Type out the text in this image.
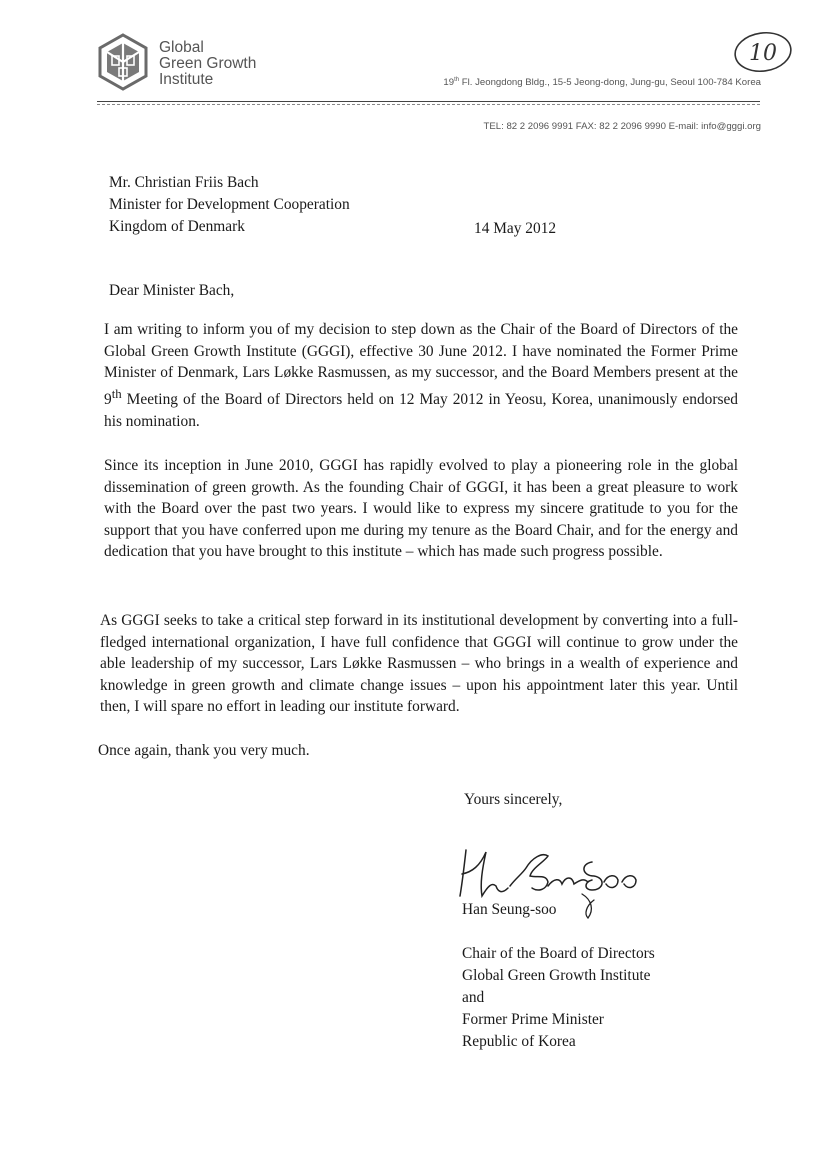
Global
Green Growth
Institute
10
19th Fl. Jeongdong Bldg., 15-5 Jeong-dong, Jung-gu, Seoul 100-784 Korea
TEL: 82 2 2096 9991 FAX: 82 2 2096 9990 E-mail: info@gggi.org
Mr. Christian Friis Bach
Minister for Development Cooperation
Kingdom of Denmark	14 May 2012
Dear Minister Bach,

I am writing to inform you of my decision to step down as the Chair of the Board of Directors of the Global Green Growth Institute (GGGI), effective 30 June 2012. I have nominated the Former Prime Minister of Denmark, Lars Løkke Rasmussen, as my successor, and the Board Members present at the 9th Meeting of the Board of Directors held on 12 May 2012 in Yeosu, Korea, unanimously endorsed his nomination.

Since its inception in June 2010, GGGI has rapidly evolved to play a pioneering role in the global dissemination of green growth. As the founding Chair of GGGI, it has been a great pleasure to work with the Board over the past two years. I would like to express my sincere gratitude to you for the support that you have conferred upon me during my tenure as the Board Chair, and for the energy and dedication that you have brought to this institute – which has made such progress possible.

As GGGI seeks to take a critical step forward in its institutional development by converting into a full-fledged international organization, I have full confidence that GGGI will continue to grow under the able leadership of my successor, Lars Løkke Rasmussen – who brings in a wealth of experience and knowledge in green growth and climate change issues – upon his appointment later this year. Until then, I will spare no effort in leading our institute forward.

Once again, thank you very much.

Yours sincerely,
Han Seung-soo
Chair of the Board of Directors
Global Green Growth Institute
and
Former Prime Minister
Republic of Korea
